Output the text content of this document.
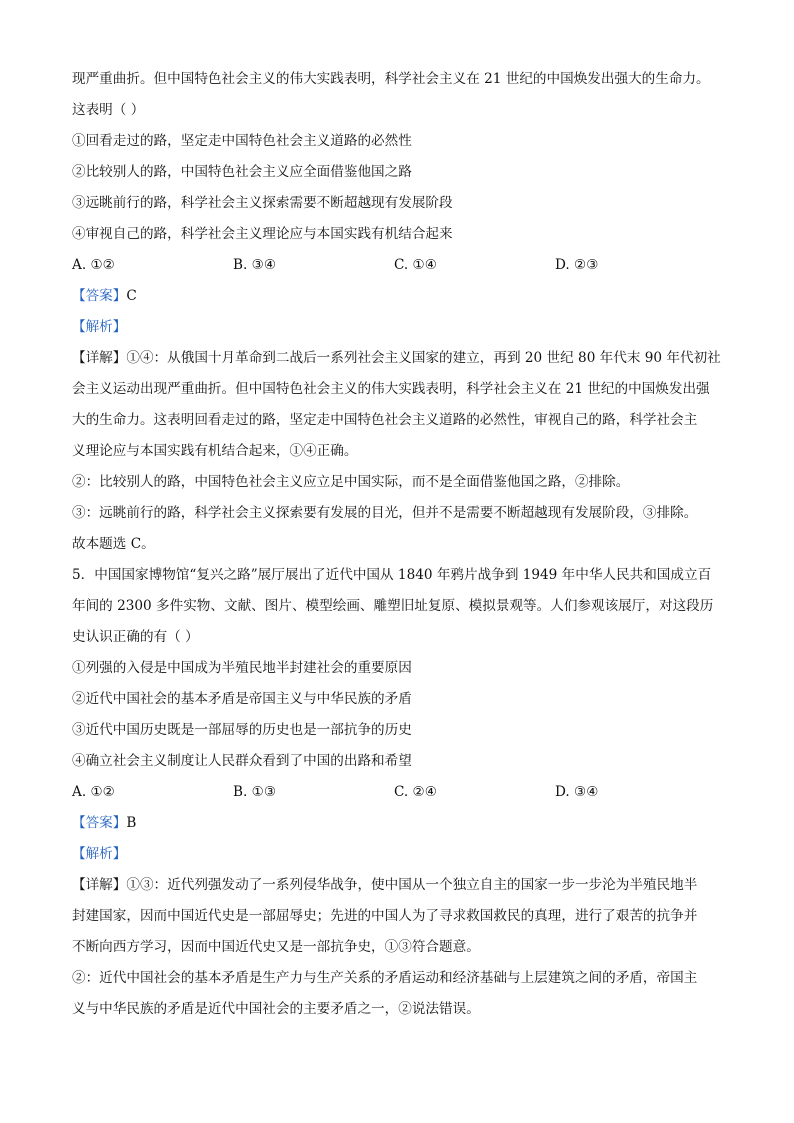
现严重曲折。但中国特色社会主义的伟大实践表明，科学社会主义在 21 世纪的中国焕发出强大的生命力。
这表明（ ）
①回看走过的路，坚定走中国特色社会主义道路的必然性
②比较别人的路，中国特色社会主义应全面借鉴他国之路
③远眺前行的路，科学社会主义探索需要不断超越现有发展阶段
④审视自己的路，科学社会主义理论应与本国实践有机结合起来
A. ①②	B. ③④	C. ①④	D. ②③
【答案】C
【解析】
【详解】①④：从俄国十月革命到二战后一系列社会主义国家的建立，再到 20 世纪 80 年代末 90 年代初社
会主义运动出现严重曲折。但中国特色社会主义的伟大实践表明，科学社会主义在 21 世纪的中国焕发出强
大的生命力。这表明回看走过的路，坚定走中国特色社会主义道路的必然性，审视自己的路，科学社会主
义理论应与本国实践有机结合起来，①④正确。
②：比较别人的路，中国特色社会主义应立足中国实际，而不是全面借鉴他国之路，②排除。
③：远眺前行的路，科学社会主义探索要有发展的目光，但并不是需要不断超越现有发展阶段，③排除。
故本题选 C。
5．中国国家博物馆“复兴之路”展厅展出了近代中国从 1840 年鸦片战争到 1949 年中华人民共和国成立百
年间的 2300 多件实物、文献、图片、模型绘画、雕塑旧址复原、模拟景观等。人们参观该展厅，对这段历
史认识正确的有（ ）
①列强的入侵是中国成为半殖民地半封建社会的重要原因
②近代中国社会的基本矛盾是帝国主义与中华民族的矛盾
③近代中国历史既是一部屈辱的历史也是一部抗争的历史
④确立社会主义制度让人民群众看到了中国的出路和希望
A. ①②	B. ①③	C. ②④	D. ③④
【答案】B
【解析】
【详解】①③：近代列强发动了一系列侵华战争，使中国从一个独立自主的国家一步一步沦为半殖民地半
封建国家，因而中国近代史是一部屈辱史；先进的中国人为了寻求救国救民的真理，进行了艰苦的抗争并
不断向西方学习，因而中国近代史又是一部抗争史，①③符合题意。
②：近代中国社会的基本矛盾是生产力与生产关系的矛盾运动和经济基础与上层建筑之间的矛盾，帝国主
义与中华民族的矛盾是近代中国社会的主要矛盾之一，②说法错误。
